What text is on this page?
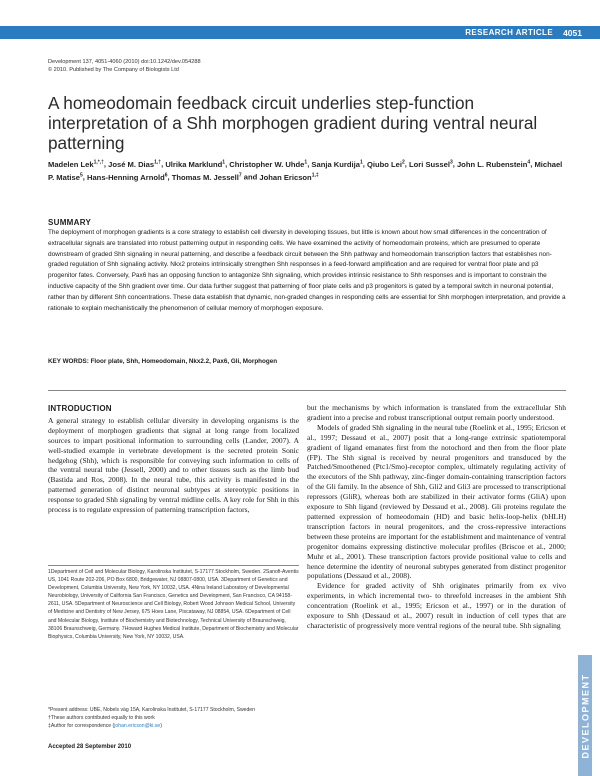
RESEARCH ARTICLE 4051
Development 137, 4051-4060 (2010) doi:10.1242/dev.054288
© 2010. Published by The Company of Biologists Ltd
A homeodomain feedback circuit underlies step-function interpretation of a Shh morphogen gradient during ventral neural patterning
Madelen Lek$^{1,*,\dagger}$, José M. Dias$^{1,\dagger}$, Ulrika Marklund$^1$, Christopher W. Uhde$^1$, Sanja Kurdija$^1$, Qiubo Lei$^2$, Lori Sussel$^3$, John L. Rubenstein$^4$, Michael P. Matise$^5$, Hans-Henning Arnold$^6$, Thomas M. Jessell$^7$ and Johan Ericson$^{1,\ddagger}$
SUMMARY
The deployment of morphogen gradients is a core strategy to establish cell diversity in developing tissues, but little is known about how small differences in the concentration of extracellular signals are translated into robust patterning output in responding cells. We have examined the activity of homeodomain proteins, which are presumed to operate downstream of graded Shh signaling in neural patterning, and describe a feedback circuit between the Shh pathway and homeodomain transcription factors that establishes non-graded regulation of Shh signaling activity. Nkx2 proteins intrinsically strengthen Shh responses in a feed-forward amplification and are required for ventral floor plate and p3 progenitor fates. Conversely, Pax6 has an opposing function to antagonize Shh signaling, which provides intrinsic resistance to Shh responses and is important to constrain the inductive capacity of the Shh gradient over time. Our data further suggest that patterning of floor plate cells and p3 progenitors is gated by a temporal switch in neuronal potential, rather than by different Shh concentrations. These data establish that dynamic, non-graded changes in responding cells are essential for Shh morphogen interpretation, and provide a rationale to explain mechanistically the phenomenon of cellular memory of morphogen exposure.
KEY WORDS: Floor plate, Shh, Homeodomain, Nkx2.2, Pax6, Gli, Morphogen
INTRODUCTION
A general strategy to establish cellular diversity in developing organisms is the deployment of morphogen gradients that signal at long range from localized sources to impart positional information to surrounding cells (Lander, 2007). A well-studied example in vertebrate development is the secreted protein Sonic hedgehog (Shh), which is responsible for conveying such information to cells of the ventral neural tube (Jessell, 2000) and to other tissues such as the limb bud (Bastida and Ros, 2008). In the neural tube, this activity is manifested in the patterned generation of distinct neuronal subtypes at stereotypic positions in response to graded Shh signaling by ventral midline cells. A key role for Shh in this process is to regulate expression of patterning transcription factors,
1Department of Cell and Molecular Biology, Karolinska Institutet, S-17177 Stockholm, Sweden. 2Sanofi-Aventis US, 1041 Route 202-206, PO Box 6800, Bridgewater, NJ 08807-0800, USA. 3Department of Genetics and Development, Columbia University, New York, NY 10032, USA. 4Nina Ireland Laboratory of Developmental Neurobiology, University of California San Francisco, Genetics and Development, San Francisco, CA 94158-2611, USA. 5Department of Neuroscience and Cell Biology, Robert Wood Johnson Medical School, University of Medicine and Dentistry of New Jersey, 675 Hoes Lane, Piscataway, NJ 08854, USA. 6Department of Cell and Molecular Biology, Institute of Biochemistry and Biotechnology, Technical University of Braunschweig, 38106 Braunschweig, Germany. 7Howard Hughes Medical Institute, Department of Biochemistry and Molecular Biophysics, Columbia University, New York, NY 10032, USA.

*Present address: UBE, Nobels väg 15A, Karolinska Institutet, S-17177 Stockholm, Sweden

†These authors contributed equally to this work

‡Author for correspondence (johan.ericson@ki.se)

Accepted 28 September 2010

but the mechanisms by which information is translated from the extracellular Shh gradient into a precise and robust transcriptional output remain poorly understood.

Models of graded Shh signaling in the neural tube (Roelink et al., 1995; Ericson et al., 1997; Dessaud et al., 2007) posit that a long-range extrinsic spatiotemporal gradient of ligand emanates first from the notochord and then from the floor plate (FP). The Shh signal is received by neural progenitors and transduced by the Patched/Smoothened (Ptc1/Smo)-receptor complex, ultimately regulating activity of the executors of the Shh pathway, zinc-finger domain-containing transcription factors of the Gli family. In the absence of Shh, Gli2 and Gli3 are processed to transcriptional repressors (GliR), whereas both are stabilized in their activator forms (GliA) upon exposure to Shh ligand (reviewed by Dessaud et al., 2008). Gli proteins regulate the patterned expression of homeodomain (HD) and basic helix-loop-helix (bHLH) transcription factors in neural progenitors, and the cross-repressive interactions between these proteins are important for the establishment and maintenance of ventral progenitor domains expressing distinctive molecular profiles (Briscoe et al., 2000; Muhr et al., 2001). These transcription factors provide positional value to cells and hence determine the identity of neuronal subtypes generated from distinct progenitor populations (Dessaud et al., 2008).

Evidence for graded activity of Shh originates primarily from ex vivo experiments, in which incremental two- to threefold increases in the ambient Shh concentration (Roelink et al., 1995; Ericson et al., 1997) or in the duration of exposure to Shh (Dessaud et al., 2007) result in induction of cell types that are characteristic of progressively more ventral regions of the neural tube. Shh signaling

DEVELOPMENT
